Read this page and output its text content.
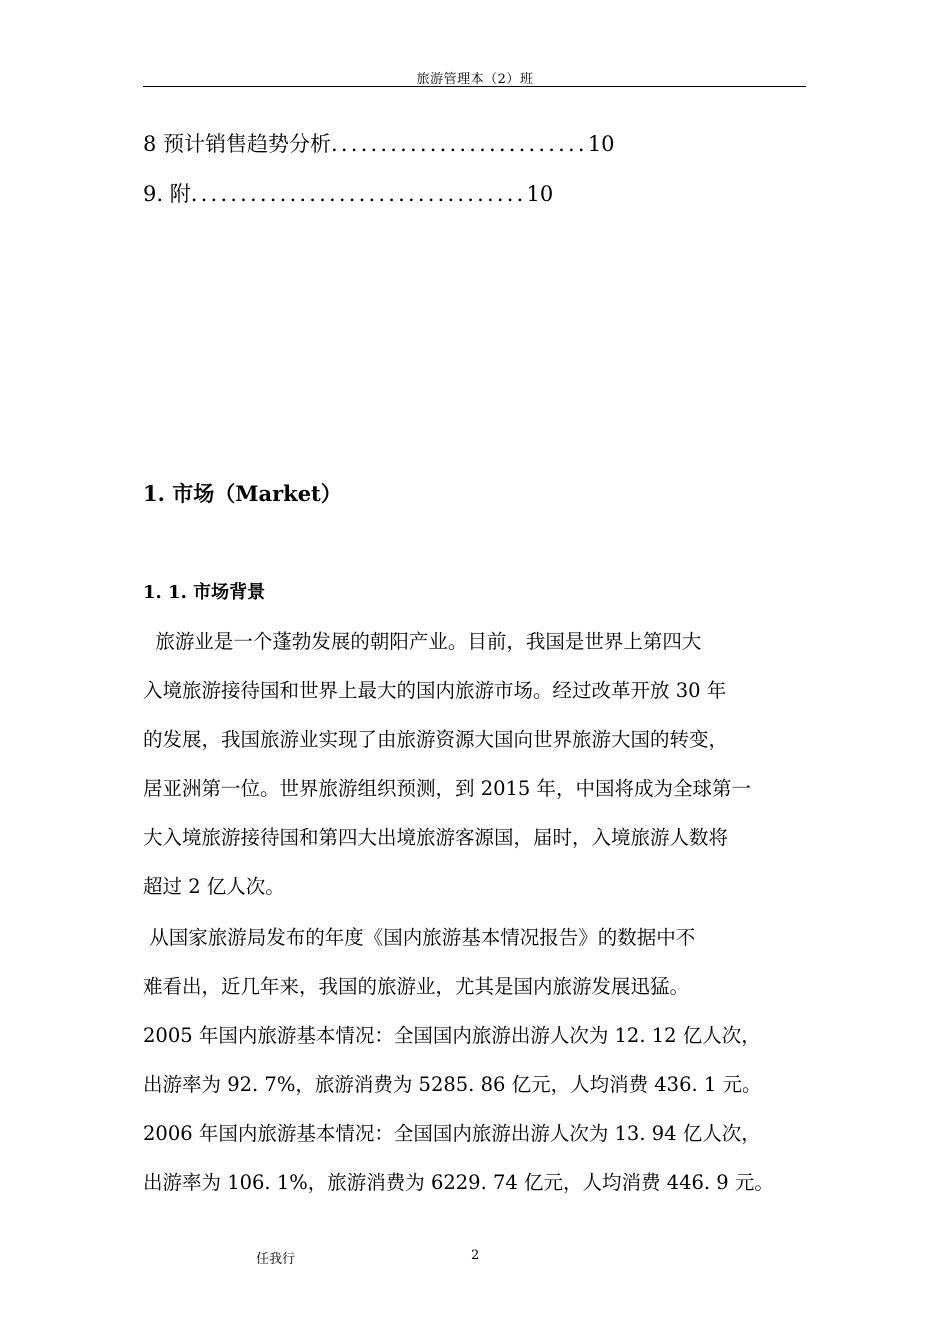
旅游管理本（2）班
8 预计销售趋势分析 .......................... 10
9. 附 .................................. 10
1. 市场（Market）
1. 1. 市场背景
旅游业是一个蓬勃发展的朝阳产业。目前，我国是世界上第四大
入境旅游接待国和世界上最大的国内旅游市场。经过改革开放 30 年
的发展，我国旅游业实现了由旅游资源大国向世界旅游大国的转变，
居亚洲第一位。世界旅游组织预测，到 2015 年，中国将成为全球第一
大入境旅游接待国和第四大出境旅游客源国，届时，入境旅游人数将
超过 2 亿人次。
从国家旅游局发布的年度《国内旅游基本情况报告》的数据中不
难看出，近几年来，我国的旅游业，尤其是国内旅游发展迅猛。
2005 年国内旅游基本情况：全国国内旅游出游人次为 12. 12 亿人次，
出游率为 92. 7%，旅游消费为 5285. 86 亿元，人均消费 436. 1 元。
2006 年国内旅游基本情况：全国国内旅游出游人次为 13. 94 亿人次，
出游率为 106. 1%，旅游消费为 6229. 74 亿元，人均消费 446. 9 元。
任我行	2
